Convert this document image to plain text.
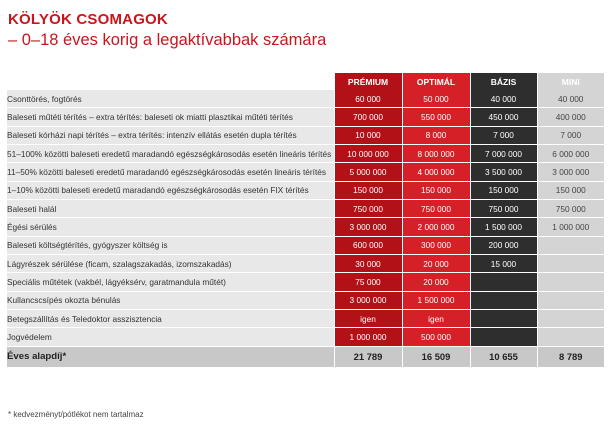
KÖLYÖK CSOMAGOK
– 0–18 éves korig a legaktívabbak számára
	PRÉMIUM	OPTIMÁL	BÁZIS	MINI
Csonttörés, fogtörés	60 000	50 000	40 000	40 000
Baleseti műtéti térítés – extra térítés: baleseti ok miatti plasztikai műtéti térítés	700 000	550 000	450 000	400 000
Baleseti kórházi napi térítés – extra térítés: intenzív ellátás esetén dupla térítés	10 000	8 000	7 000	7 000
51–100% közötti baleseti eredetű maradandó egészségkárosodás esetén lineáris térítés	10 000 000	8 000 000	7 000 000	6 000 000
11–50% közötti baleseti eredetű maradandó egészségkárosodás esetén lineáris térítés	5 000 000	4 000 000	3 500 000	3 000 000
1–10% közötti baleseti eredetű maradandó egészségkárosodás esetén FIX térítés	150 000	150 000	150 000	150 000
Baleseti halál	750 000	750 000	750 000	750 000
Égési sérülés	3 000 000	2 000 000	1 500 000	1 000 000
Baleseti költségtérítés, gyógyszer költség is	600 000	300 000	200 000	
Lágyrészek sérülése (ficam, szalagszakadás, izomszakadás)	30 000	20 000	15 000	
Speciális műtétek (vakbél, lágyéksérv, garatmandula műtét)	75 000	20 000		
Kullancscsípés okozta bénulás	3 000 000	1 500 000		
Betegszállítás és Teledoktor asszisztencia	igen	igen		
Jogvédelem	1 000 000	500 000		
Éves alapdíj*	21 789	16 509	10 655	8 789
* kedvezményt/pótlékot nem tartalmaz
